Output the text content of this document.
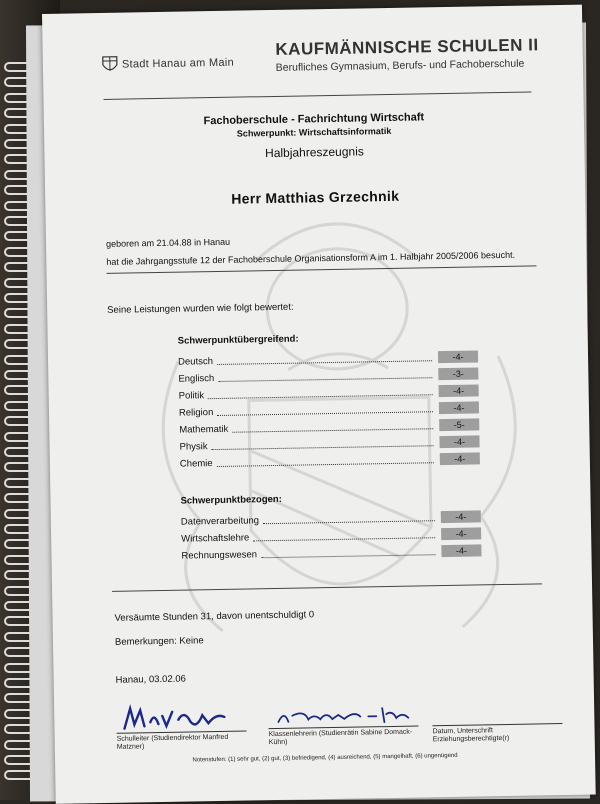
Stadt Hanau am Main
KAUFMÄNNISCHE SCHULEN II
Berufliches Gymnasium, Berufs- und Fachoberschule
Fachoberschule - Fachrichtung Wirtschaft
Schwerpunkt: Wirtschaftsinformatik
Halbjahreszeugnis
Herr Matthias Grzechnik
geboren am 21.04.88 in Hanau
hat die Jahrgangsstufe 12 der Fachoberschule Organisationsform A im 1. Halbjahr 2005/2006 besucht.
Seine Leistungen wurden wie folgt bewertet:
Schwerpunktübergreifend:
Deutsch	-4-
Englisch	-3-
Politik	-4-
Religion	-4-
Mathematik	-5-
Physik	-4-
Chemie	-4-
Schwerpunktbezogen:
Datenverarbeitung	-4-
Wirtschaftslehre	-4-
Rechnungswesen	-4-
Versäumte Stunden 31, davon unentschuldigt 0
Bemerkungen: Keine
Hanau, 03.02.06
Schulleiter (Studiendirektor Manfred Matzner)
Klassenlehrerin (Studienrätin Sabine Domack-Kühn)
Datum, Unterschrift Erziehungsberechtigte(r)
Notenstufen: (1) sehr gut, (2) gut, (3) befriedigend, (4) ausreichend, (5) mangelhaft, (6) ungenügend
